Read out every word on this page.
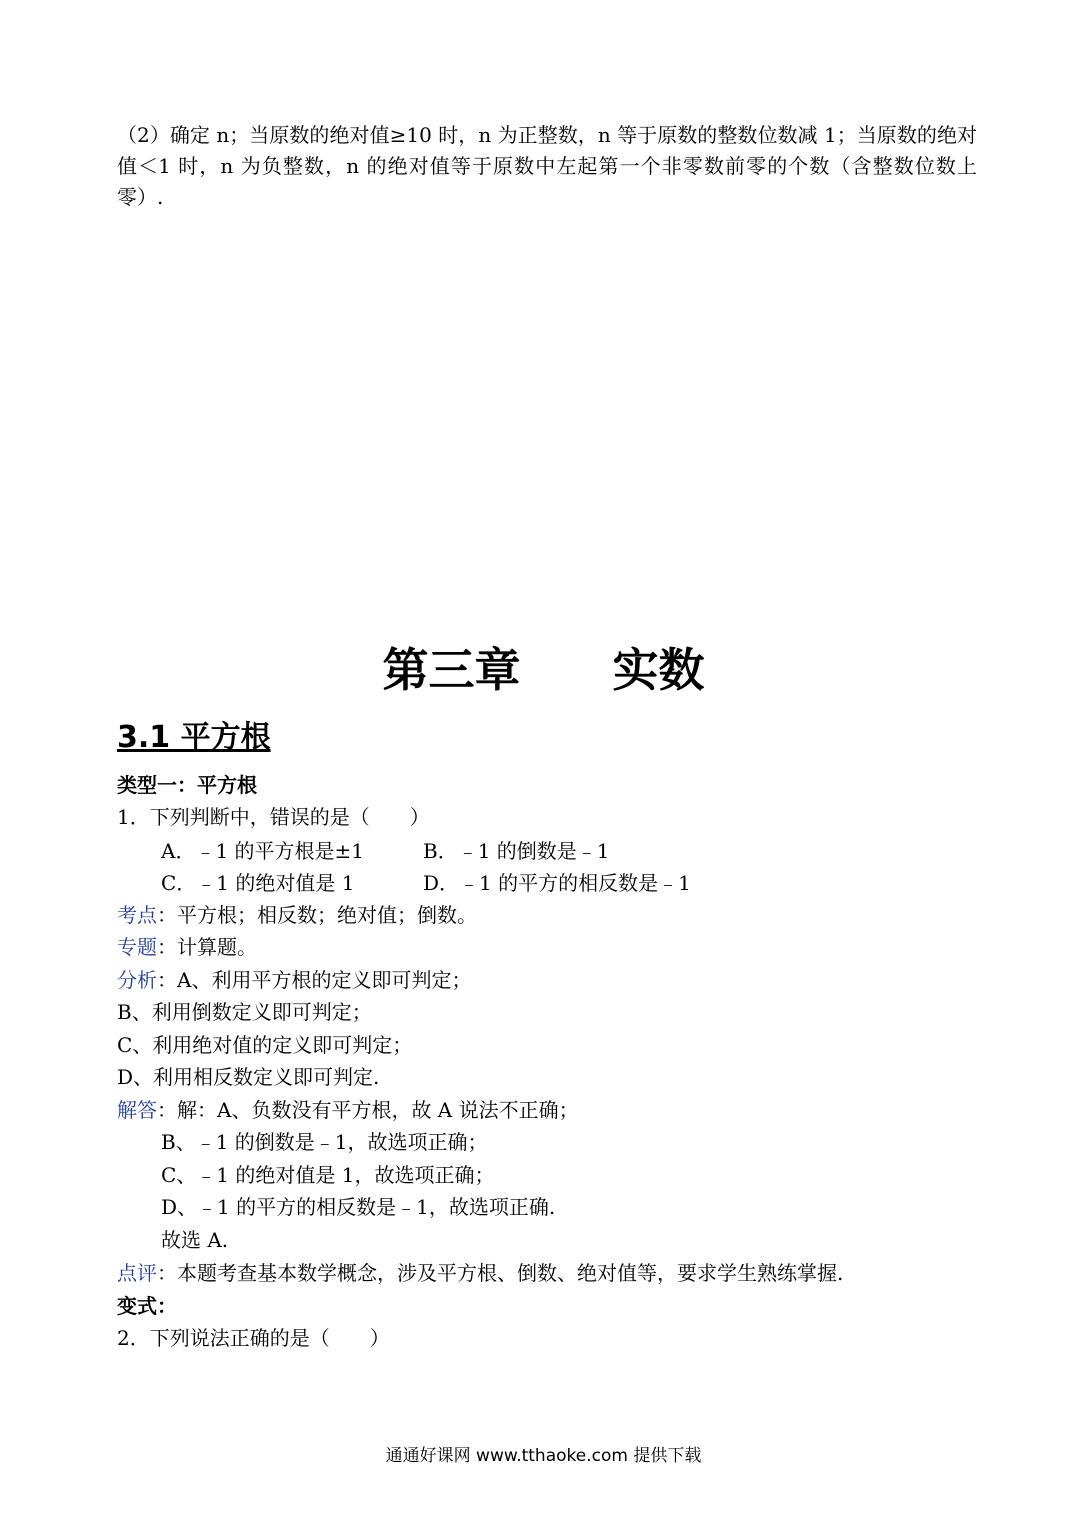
（2）确定 n；当原数的绝对值≥10 时，n 为正整数，n 等于原数的整数位数减 1；当原数的绝对值＜1 时，n 为负整数，n 的绝对值等于原数中左起第一个非零数前零的个数（含整数位数上零）.

第三章　　实数
3.1 平方根
类型一：平方根
1．下列判断中，错误的是（　　）
A．﹣1 的平方根是±1	B．﹣1 的倒数是﹣1
C．﹣1 的绝对值是 1	D．﹣1 的平方的相反数是﹣1
考点：平方根；相反数；绝对值；倒数。
专题：计算题。
分析：A、利用平方根的定义即可判定；
B、利用倒数定义即可判定；
C、利用绝对值的定义即可判定；
D、利用相反数定义即可判定.
解答：解：A、负数没有平方根，故 A 说法不正确；
B、﹣1 的倒数是﹣1，故选项正确；
C、﹣1 的绝对值是 1，故选项正确；
D、﹣1 的平方的相反数是﹣1，故选项正确.
故选 A.
点评：本题考查基本数学概念，涉及平方根、倒数、绝对值等，要求学生熟练掌握.
变式：
2．下列说法正确的是（　　）
通通好课网 www.tthaoke.com 提供下载
